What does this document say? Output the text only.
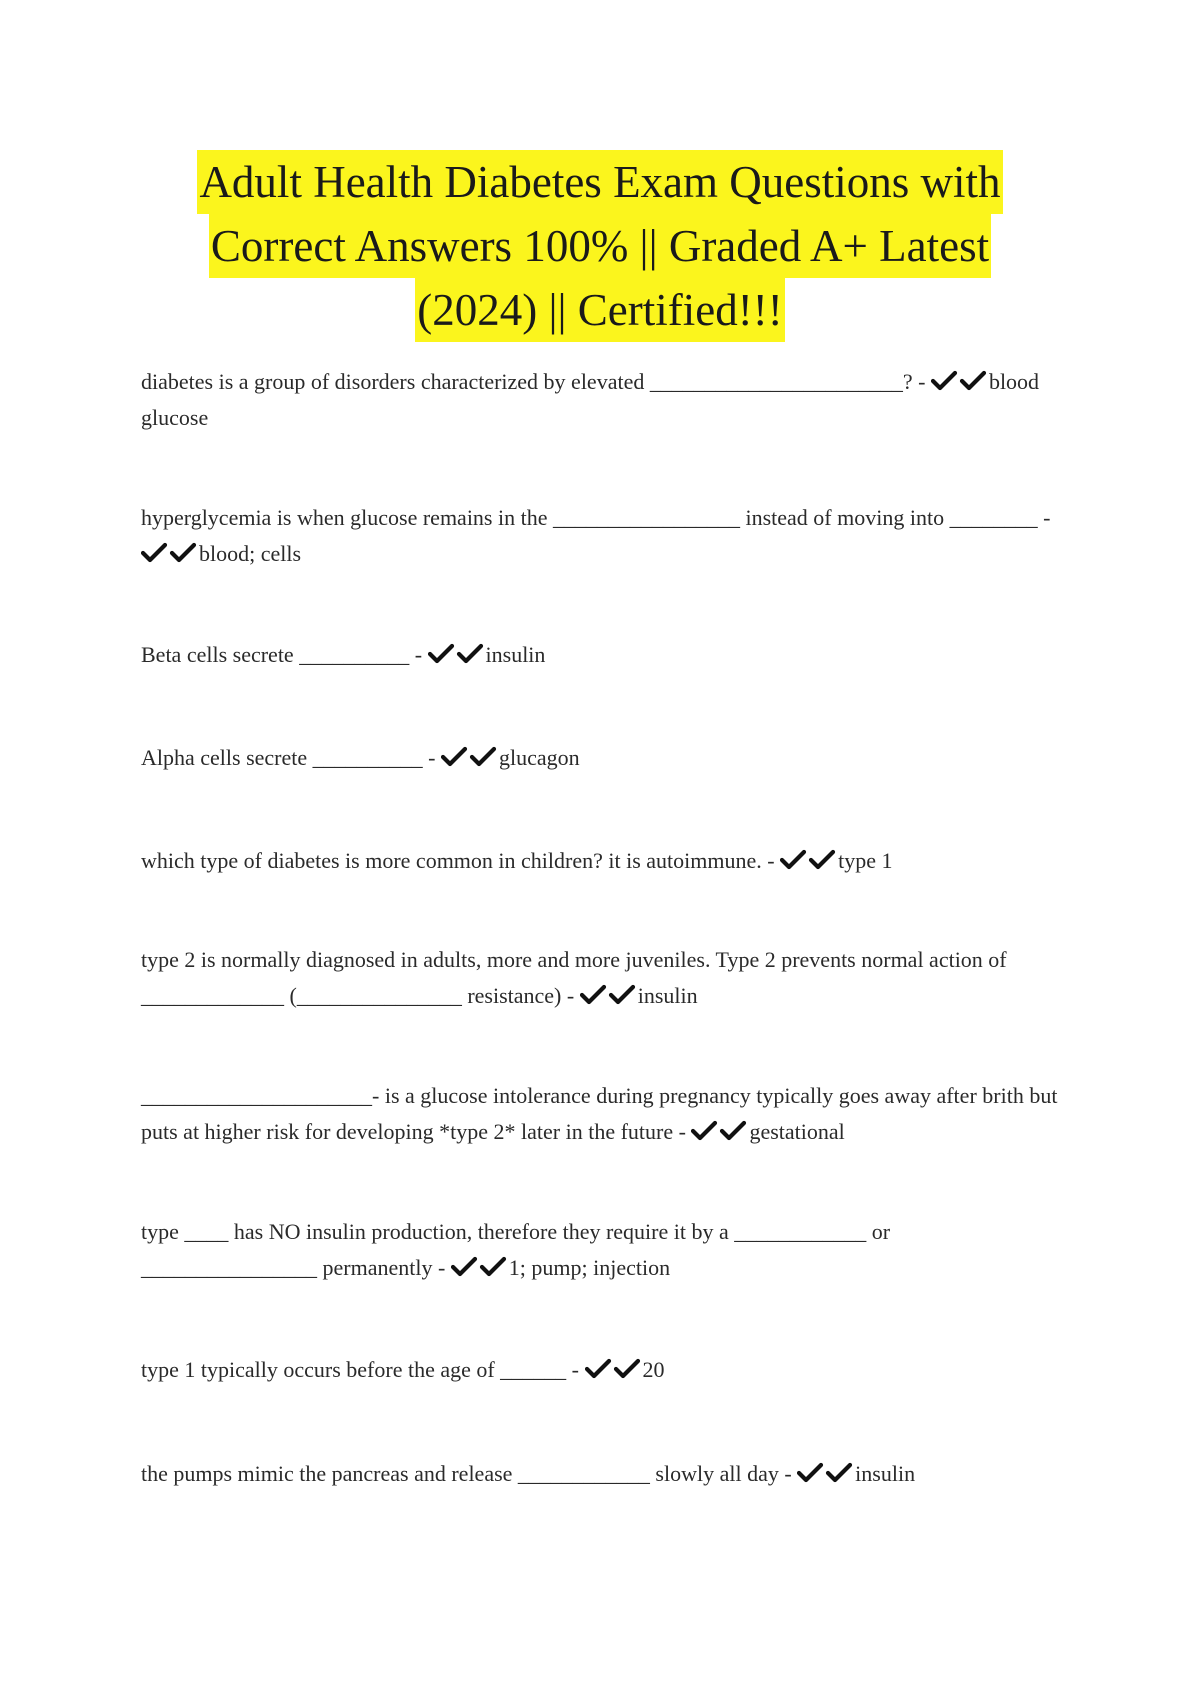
Adult Health Diabetes Exam Questions with
Correct Answers 100% || Graded A+ Latest
(2024) || Certified!!!
diabetes is a group of disorders characterized by elevated _______________________? -	blood glucose
hyperglycemia is when glucose remains in the _________________ instead of moving into ________ -
blood; cells
Beta cells secrete __________ -	insulin
Alpha cells secrete __________ -	glucagon
which type of diabetes is more common in children? it is autoimmune. -	type 1
type 2 is normally diagnosed in adults, more and more juveniles. Type 2 prevents normal action of _____________ (_______________ resistance) -	insulin
_____________________- is a glucose intolerance during pregnancy typically goes away after brith but puts at higher risk for developing *type 2* later in the future -	gestational
type ____ has NO insulin production, therefore they require it by a ____________ or ________________ permanently -	1; pump; injection
type 1 typically occurs before the age of ______ -	20
the pumps mimic the pancreas and release ____________ slowly all day -	insulin
